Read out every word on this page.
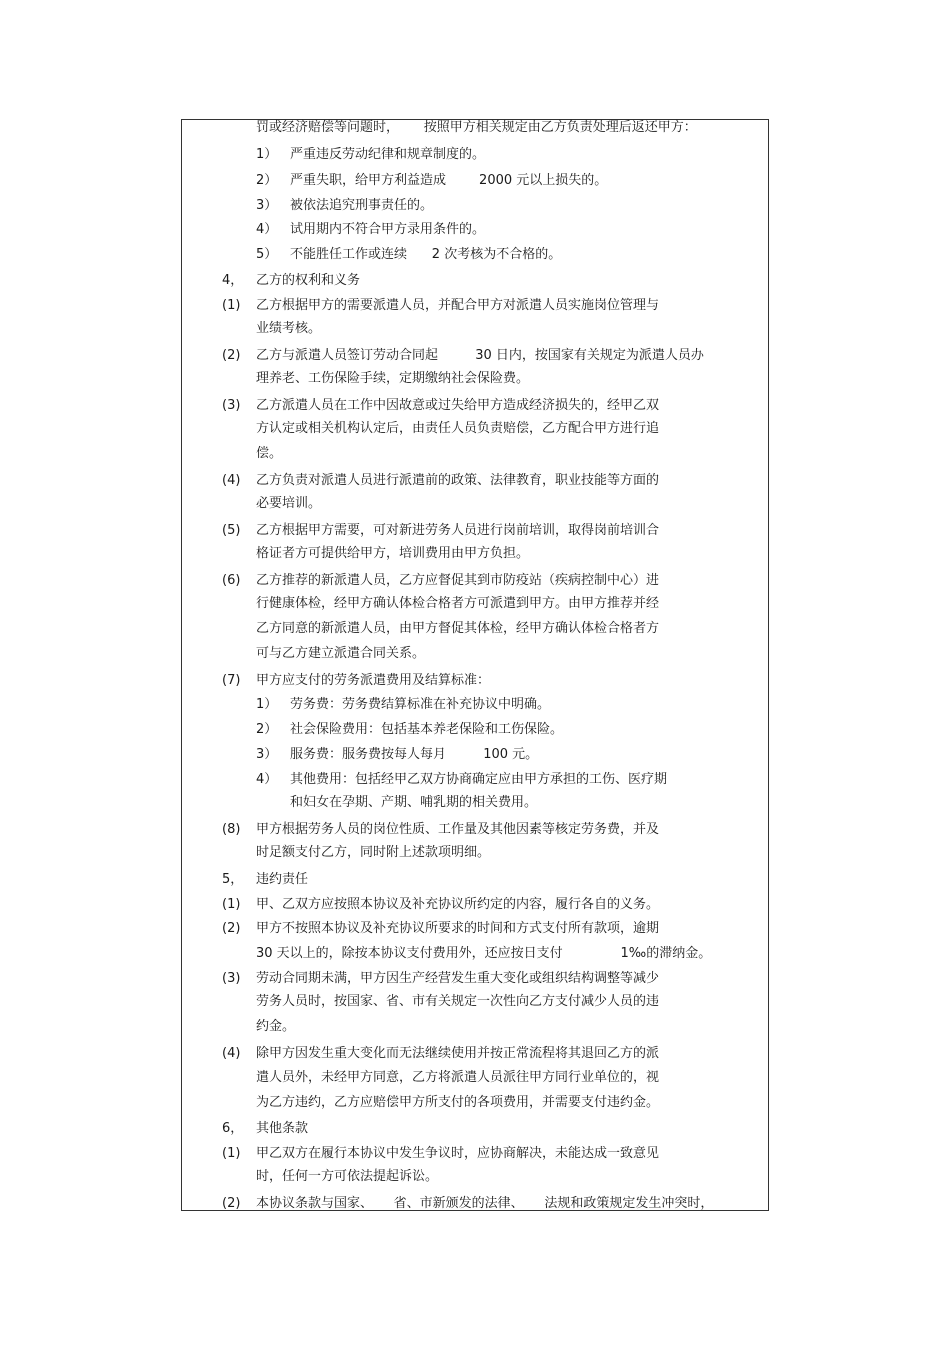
罚或经济赔偿等问题时，      按照甲方相关规定由乙方负责处理后返还甲方：
1） 严重违反劳动纪律和规章制度的。
2） 严重失职，给甲方利益造成        2000 元以上损失的。
3） 被依法追究刑事责任的。
4） 试用期内不符合甲方录用条件的。
5） 不能胜任工作或连续      2 次考核为不合格的。
4， 乙方的权利和义务
(1) 乙方根据甲方的需要派遣人员，并配合甲方对派遣人员实施岗位管理与
业绩考核。
(2) 乙方与派遣人员签订劳动合同起         30 日内，按国家有关规定为派遣人员办
理养老、工伤保险手续，定期缴纳社会保险费。
(3) 乙方派遣人员在工作中因故意或过失给甲方造成经济损失的，经甲乙双
方认定或相关机构认定后，由责任人员负责赔偿，乙方配合甲方进行追
偿。
(4) 乙方负责对派遣人员进行派遣前的政策、法律教育，职业技能等方面的
必要培训。
(5) 乙方根据甲方需要，可对新进劳务人员进行岗前培训，取得岗前培训合
格证者方可提供给甲方，培训费用由甲方负担。
(6) 乙方推荐的新派遣人员，乙方应督促其到市防疫站（疾病控制中心）进
行健康体检，经甲方确认体检合格者方可派遣到甲方。由甲方推荐并经
乙方同意的新派遣人员，由甲方督促其体检，经甲方确认体检合格者方
可与乙方建立派遣合同关系。
(7) 甲方应支付的劳务派遣费用及结算标准：
1） 劳务费：劳务费结算标准在补充协议中明确。
2） 社会保险费用：包括基本养老保险和工伤保险。
3） 服务费：服务费按每人每月         100 元。
4） 其他费用：包括经甲乙双方协商确定应由甲方承担的工伤、医疗期
和妇女在孕期、产期、哺乳期的相关费用。
(8) 甲方根据劳务人员的岗位性质、工作量及其他因素等核定劳务费，并及
时足额支付乙方，同时附上述款项明细。
5， 违约责任
(1) 甲、乙双方应按照本协议及补充协议所约定的内容，履行各自的义务。
(2) 甲方不按照本协议及补充协议所要求的时间和方式支付所有款项，逾期
30 天以上的，除按本协议支付费用外，还应按日支付              1‰的滞纳金。
(3) 劳动合同期未满，甲方因生产经营发生重大变化或组织结构调整等减少
劳务人员时，按国家、省、市有关规定一次性向乙方支付减少人员的违
约金。
(4) 除甲方因发生重大变化而无法继续使用并按正常流程将其退回乙方的派
遣人员外，未经甲方同意，乙方将派遣人员派往甲方同行业单位的，视
为乙方违约，乙方应赔偿甲方所支付的各项费用，并需要支付违约金。
6， 其他条款
(1) 甲乙双方在履行本协议中发生争议时，应协商解决，未能达成一致意见
时，任何一方可依法提起诉讼。
(2) 本协议条款与国家、     省、市新颁发的法律、     法规和政策规定发生冲突时，
